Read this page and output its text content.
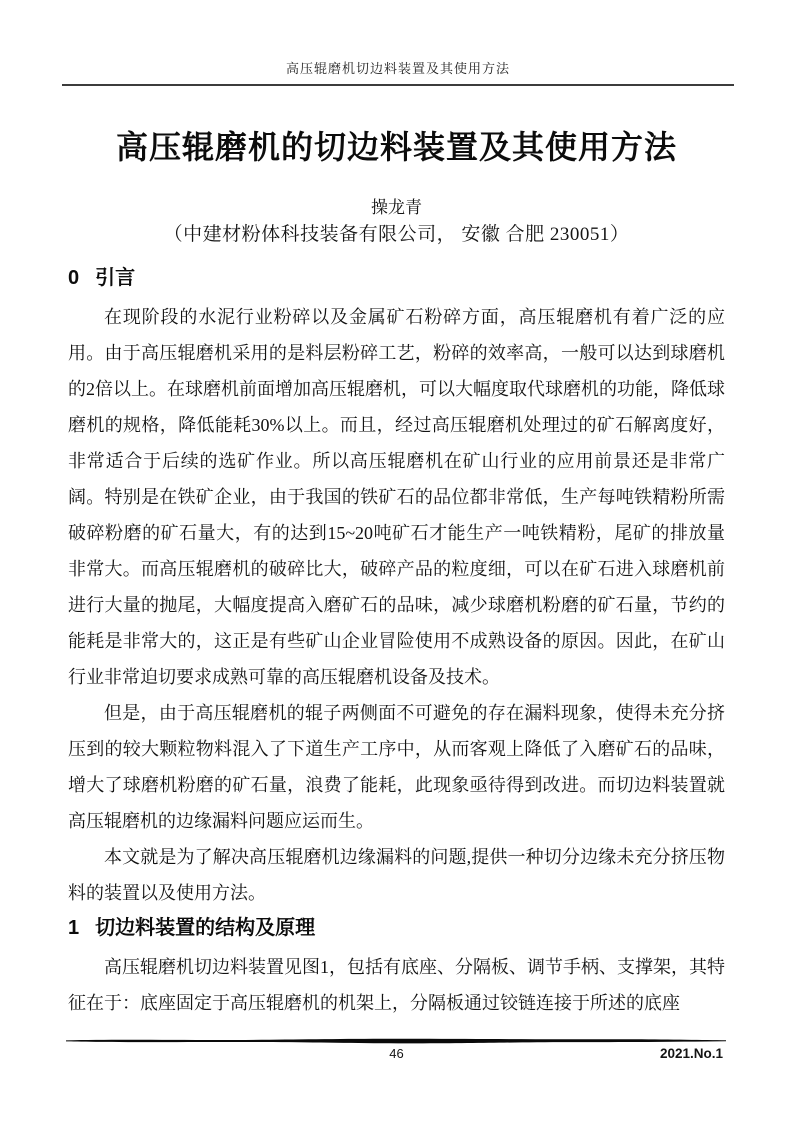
高压辊磨机切边料装置及其使用方法
高压辊磨机的切边料装置及其使用方法
操龙青
（中建材粉体科技装备有限公司， 安徽 合肥 230051）
0 引言

在现阶段的水泥行业粉碎以及金属矿石粉碎方面，高压辊磨机有着广泛的应用。由于高压辊磨机采用的是料层粉碎工艺，粉碎的效率高，一般可以达到球磨机的2倍以上。在球磨机前面增加高压辊磨机，可以大幅度取代球磨机的功能，降低球磨机的规格，降低能耗30%以上。而且，经过高压辊磨机处理过的矿石解离度好，非常适合于后续的选矿作业。所以高压辊磨机在矿山行业的应用前景还是非常广阔。特别是在铁矿企业，由于我国的铁矿石的品位都非常低，生产每吨铁精粉所需破碎粉磨的矿石量大，有的达到15~20吨矿石才能生产一吨铁精粉，尾矿的排放量非常大。而高压辊磨机的破碎比大，破碎产品的粒度细，可以在矿石进入球磨机前进行大量的抛尾，大幅度提高入磨矿石的品味，减少球磨机粉磨的矿石量，节约的能耗是非常大的，这正是有些矿山企业冒险使用不成熟设备的原因。因此，在矿山行业非常迫切要求成熟可靠的高压辊磨机设备及技术。

但是，由于高压辊磨机的辊子两侧面不可避免的存在漏料现象，使得未充分挤压到的较大颗粒物料混入了下道生产工序中，从而客观上降低了入磨矿石的品味，增大了球磨机粉磨的矿石量，浪费了能耗，此现象亟待得到改进。而切边料装置就高压辊磨机的边缘漏料问题应运而生。

本文就是为了解决高压辊磨机边缘漏料的问题,提供一种切分边缘未充分挤压物料的装置以及使用方法。

1 切边料装置的结构及原理

高压辊磨机切边料装置见图1，包括有底座、分隔板、调节手柄、支撑架，其特征在于：底座固定于高压辊磨机的机架上，分隔板通过铰链连接于所述的底座

46	2021.No.1
